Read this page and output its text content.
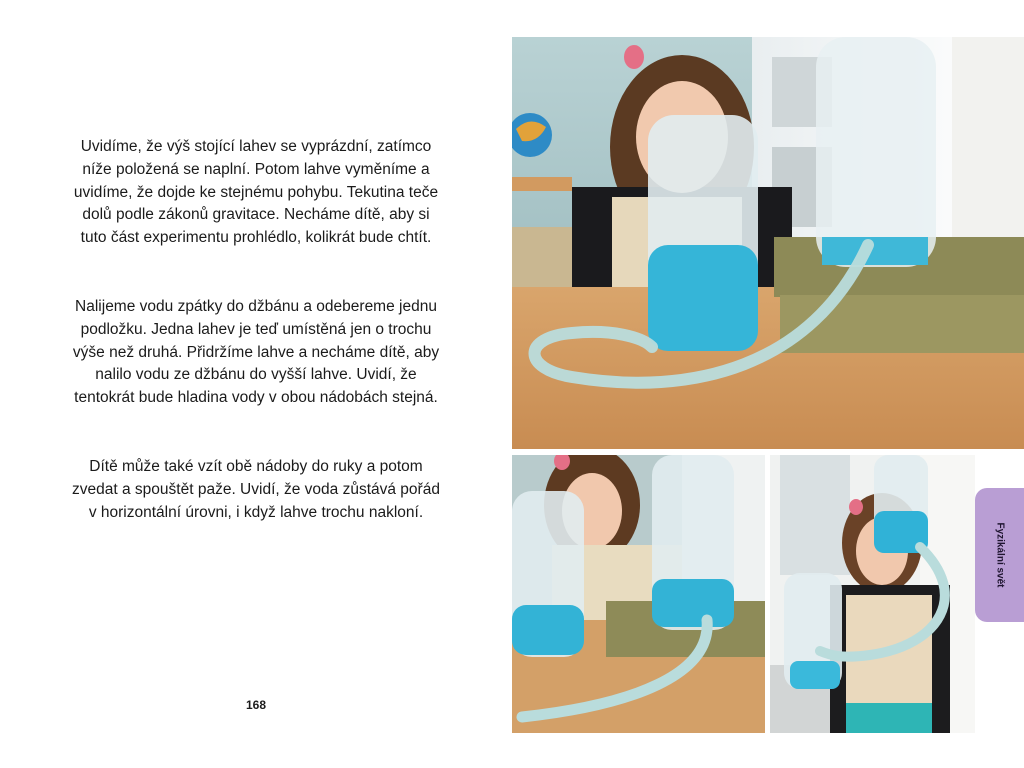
Uvidíme, že výš stojící lahev se vyprázdní, zatímco níže položená se naplní. Potom lahve vyměníme a uvidíme, že dojde ke stejnému pohybu. Tekutina teče dolů podle zákonů gravitace. Necháme dítě, aby si tuto část experimentu prohlédlo, kolikrát bude chtít.

Nalijeme vodu zpátky do džbánu a odebereme jednu podložku. Jedna lahev je teď umístěná jen o trochu výše než druhá. Přidržíme lahve a necháme dítě, aby nalilo vodu ze džbánu do vyšší lahve. Uvidí, že tentokrát bude hladina vody v obou nádobách stejná.

Dítě může také vzít obě nádoby do ruky a potom zvedat a spouštět paže. Uvidí, že voda zůstává pořád v horizontální úrovni, i když lahve trochu nakloní.

168
Fyzikální svět
